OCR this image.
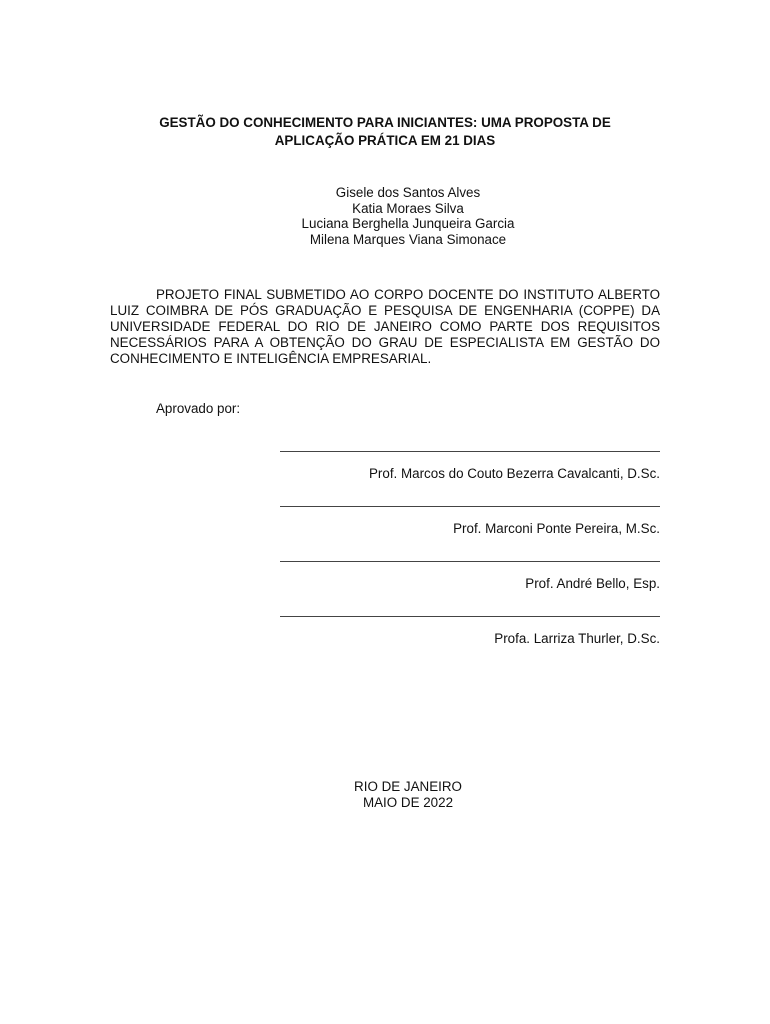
GESTÃO DO CONHECIMENTO PARA INICIANTES: UMA PROPOSTA DE
APLICAÇÃO PRÁTICA EM 21 DIAS
Gisele dos Santos Alves
Katia Moraes Silva
Luciana Berghella Junqueira Garcia
Milena Marques Viana Simonace

PROJETO FINAL SUBMETIDO AO CORPO DOCENTE DO INSTITUTO ALBERTO LUIZ COIMBRA DE PÓS GRADUAÇÃO E PESQUISA DE ENGENHARIA (COPPE) DA UNIVERSIDADE FEDERAL DO RIO DE JANEIRO COMO PARTE DOS REQUISITOS NECESSÁRIOS PARA A OBTENÇÃO DO GRAU DE ESPECIALISTA EM GESTÃO DO CONHECIMENTO E INTELIGÊNCIA EMPRESARIAL.

Aprovado por:
Prof. Marcos do Couto Bezerra Cavalcanti, D.Sc.
Prof. Marconi Ponte Pereira, M.Sc.
Prof. André Bello, Esp.
Profa. Larriza Thurler, D.Sc.
RIO DE JANEIRO
MAIO DE 2022
